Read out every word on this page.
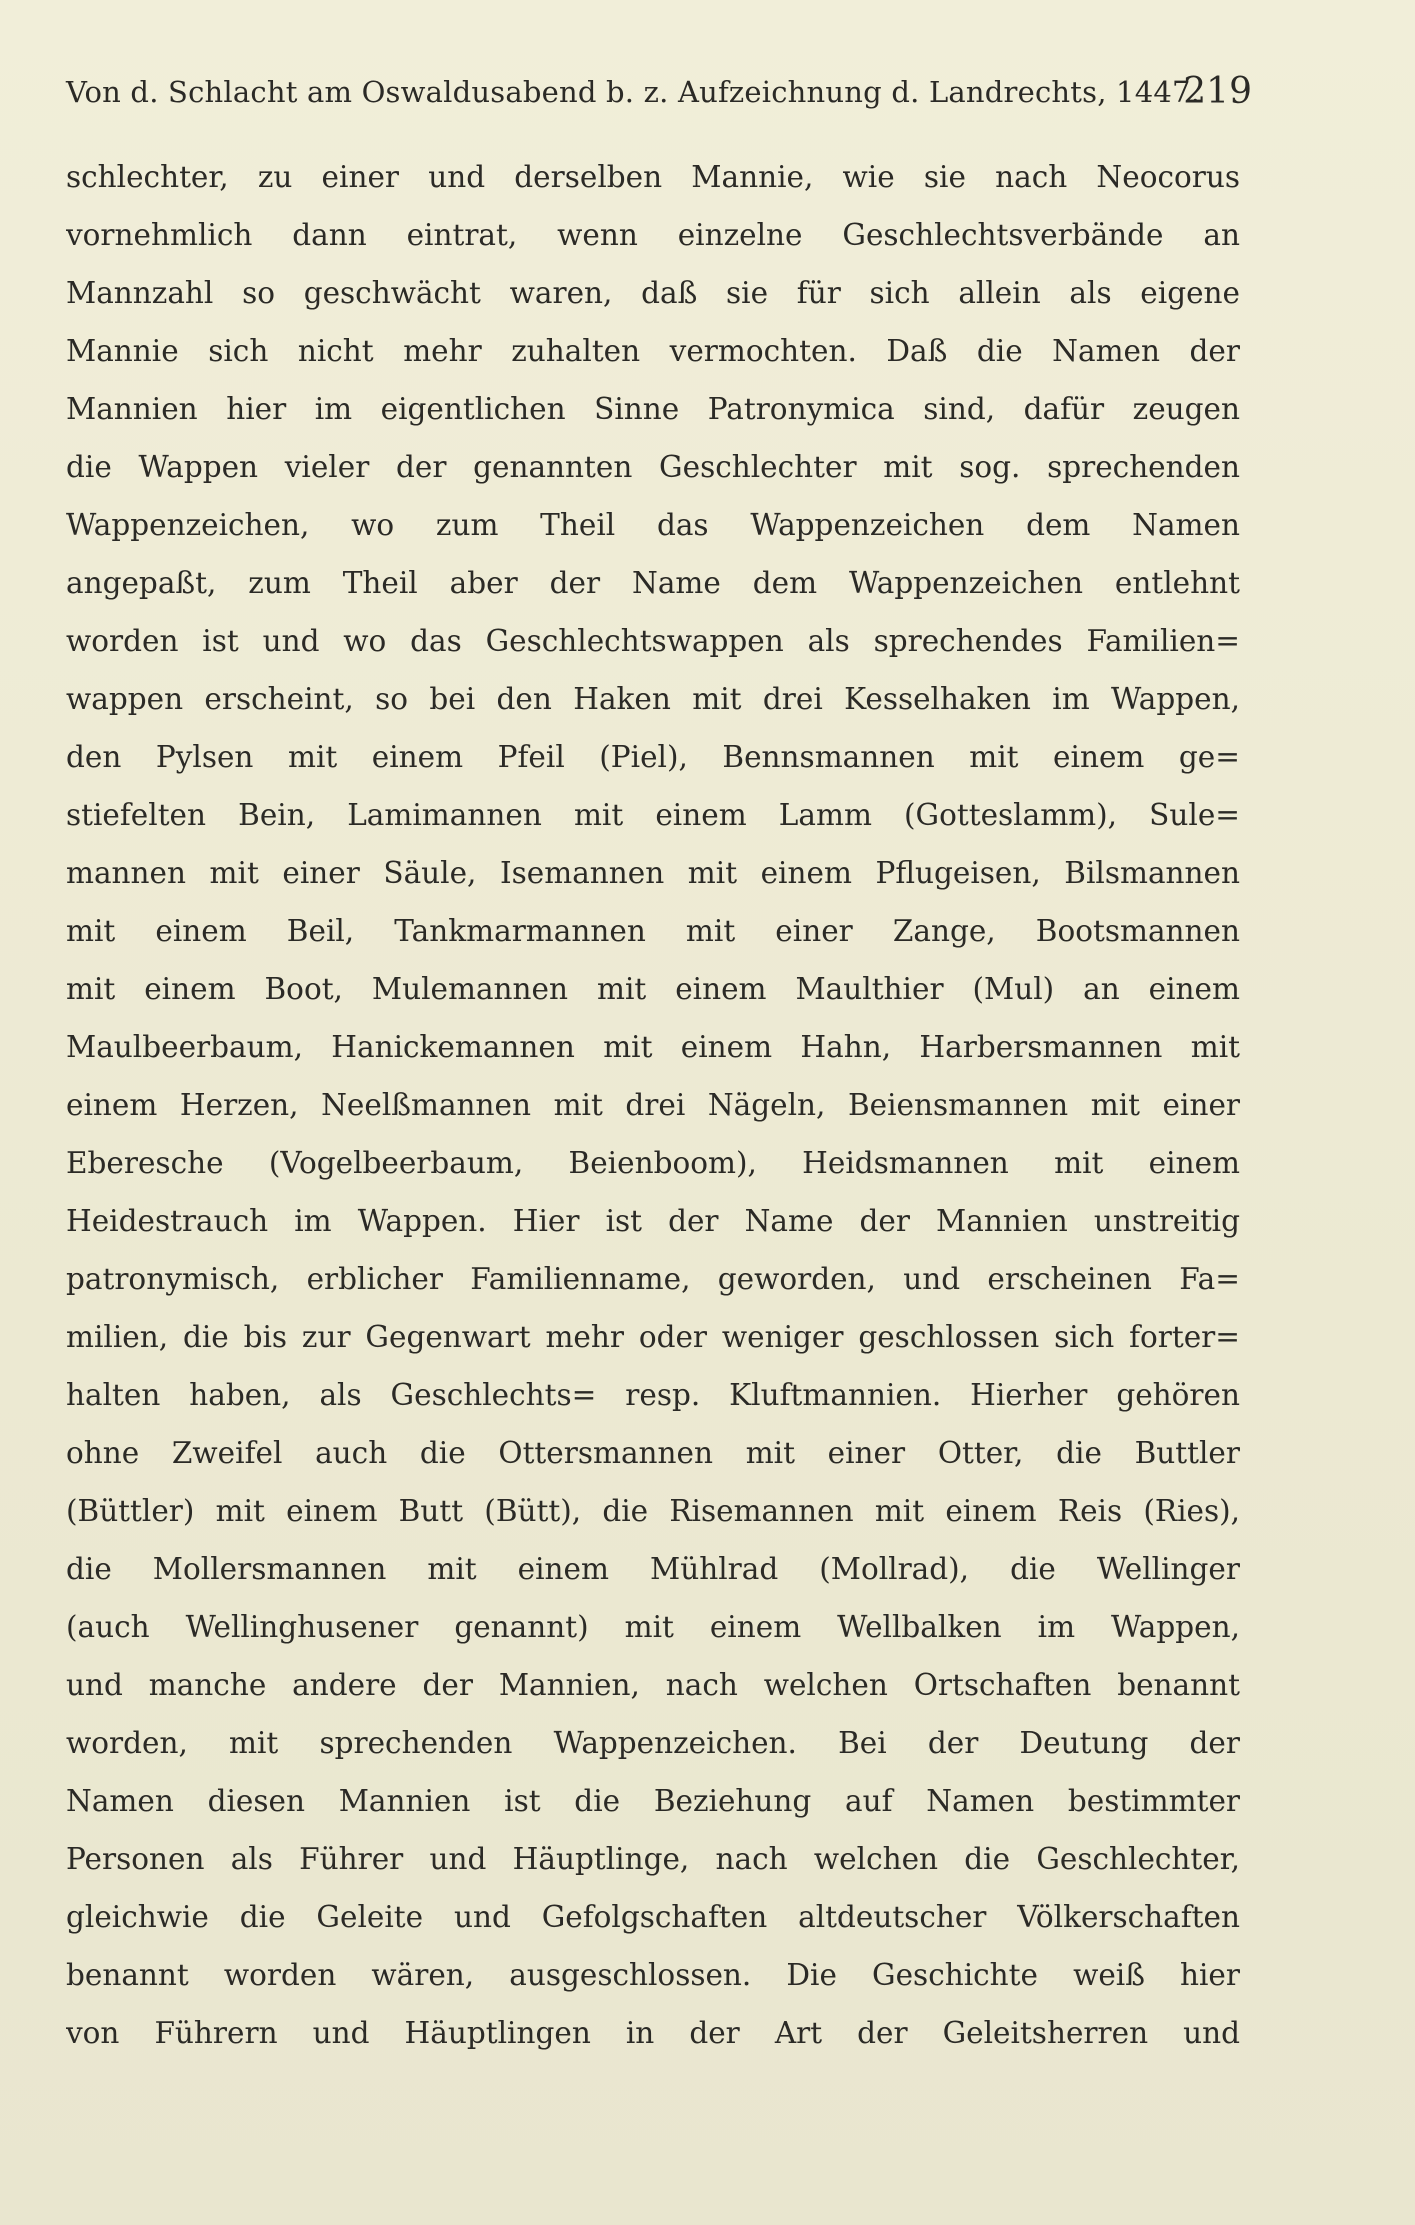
Von d. Schlacht am Oswaldusabend b. z. Aufzeichnung d. Landrechts, 1447.
219
schlechter, zu einer und derselben Mannie, wie sie nach Neocorus
vornehmlich dann eintrat, wenn einzelne Geschlechtsverbände an
Mannzahl so geschwächt waren, daß sie für sich allein als eigene
Mannie sich nicht mehr zuhalten vermochten. Daß die Namen der
Mannien hier im eigentlichen Sinne Patronymica sind, dafür zeugen
die Wappen vieler der genannten Geschlechter mit sog. sprechenden
Wappenzeichen, wo zum Theil das Wappenzeichen dem Namen
angepaßt, zum Theil aber der Name dem Wappenzeichen entlehnt
worden ist und wo das Geschlechtswappen als sprechendes Familien=
wappen erscheint, so bei den Haken mit drei Kesselhaken im Wappen,
den Pylsen mit einem Pfeil (Piel), Bennsmannen mit einem ge=
stiefelten Bein, Lamimannen mit einem Lamm (Gotteslamm), Sule=
mannen mit einer Säule, Isemannen mit einem Pflugeisen, Bilsmannen
mit einem Beil, Tankmarmannen mit einer Zange, Bootsmannen
mit einem Boot, Mulemannen mit einem Maulthier (Mul) an einem
Maulbeerbaum, Hanickemannen mit einem Hahn, Harbersmannen mit
einem Herzen, Neelßmannen mit drei Nägeln, Beiensmannen mit einer
Eberesche (Vogelbeerbaum, Beienboom), Heidsmannen mit einem
Heidestrauch im Wappen. Hier ist der Name der Mannien unstreitig
patronymisch, erblicher Familienname, geworden, und erscheinen Fa=
milien, die bis zur Gegenwart mehr oder weniger geschlossen sich forter=
halten haben, als Geschlechts= resp. Kluftmannien. Hierher gehören
ohne Zweifel auch die Ottersmannen mit einer Otter, die Buttler
(Büttler) mit einem Butt (Bütt), die Risemannen mit einem Reis (Ries),
die Mollersmannen mit einem Mühlrad (Mollrad), die Wellinger
(auch Wellinghusener genannt) mit einem Wellbalken im Wappen,
und manche andere der Mannien, nach welchen Ortschaften benannt
worden, mit sprechenden Wappenzeichen. Bei der Deutung der
Namen diesen Mannien ist die Beziehung auf Namen bestimmter
Personen als Führer und Häuptlinge, nach welchen die Geschlechter,
gleichwie die Geleite und Gefolgschaften altdeutscher Völkerschaften
benannt worden wären, ausgeschlossen. Die Geschichte weiß hier
von Führern und Häuptlingen in der Art der Geleitsherren und
